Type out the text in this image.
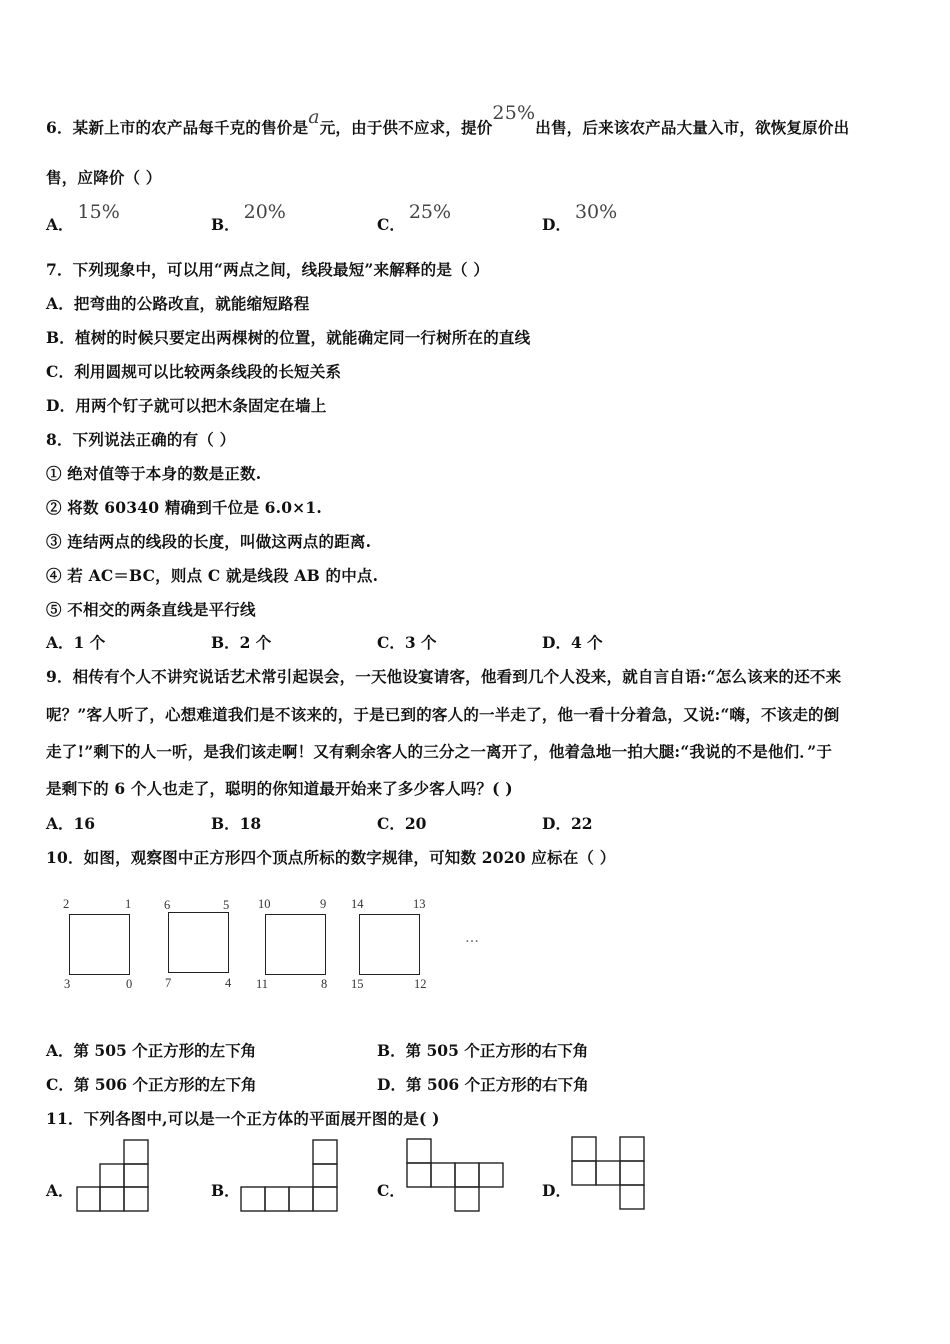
6．某新上市的农产品每千克的售价是a元，由于供不应求，提价25%出售，后来该农产品大量入市，欲恢复原价出
售，应降价（ ）
A．15%
B．20%
C．25%
D．30%
7．下列现象中，可以用“两点之间，线段最短”来解释的是（ ）
A．把弯曲的公路改直，就能缩短路程
B．植树的时候只要定出两棵树的位置，就能确定同一行树所在的直线
C．利用圆规可以比较两条线段的长短关系
D．用两个钉子就可以把木条固定在墙上
8．下列说法正确的有（ ）
① 绝对值等于本身的数是正数.
② 将数 60340 精确到千位是 6.0×1.
③ 连结两点的线段的长度，叫做这两点的距离.
④ 若 AC＝BC，则点 C 就是线段 AB 的中点.
⑤ 不相交的两条直线是平行线
A．1 个	B．2 个	C．3 个	D．4 个
9．相传有个人不讲究说话艺术常引起误会，一天他设宴请客，他看到几个人没来，就自言自语:“怎么该来的还不来
呢？”客人听了，心想难道我们是不该来的，于是已到的客人的一半走了，他一看十分着急，又说:“嗨，不该走的倒
走了!”剩下的人一听，是我们该走啊！又有剩余客人的三分之一离开了，他着急地一拍大腿:“我说的不是他们．”于
是剩下的 6 个人也走了，聪明的你知道最开始来了多少客人吗？( )
A．16	B．18	C．20	D．22
10．如图，观察图中正方形四个顶点所标的数字规律，可知数 2020 应标在（ ）
2	1
3	0
6	5
7	4
10	9
11	8
14	13
15	12
…
A．第 505 个正方形的左下角	B．第 505 个正方形的右下角
C．第 506 个正方形的左下角	D．第 506 个正方形的右下角
11．下列各图中,可以是一个正方体的平面展开图的是( )
A．	B．	C．	D．
